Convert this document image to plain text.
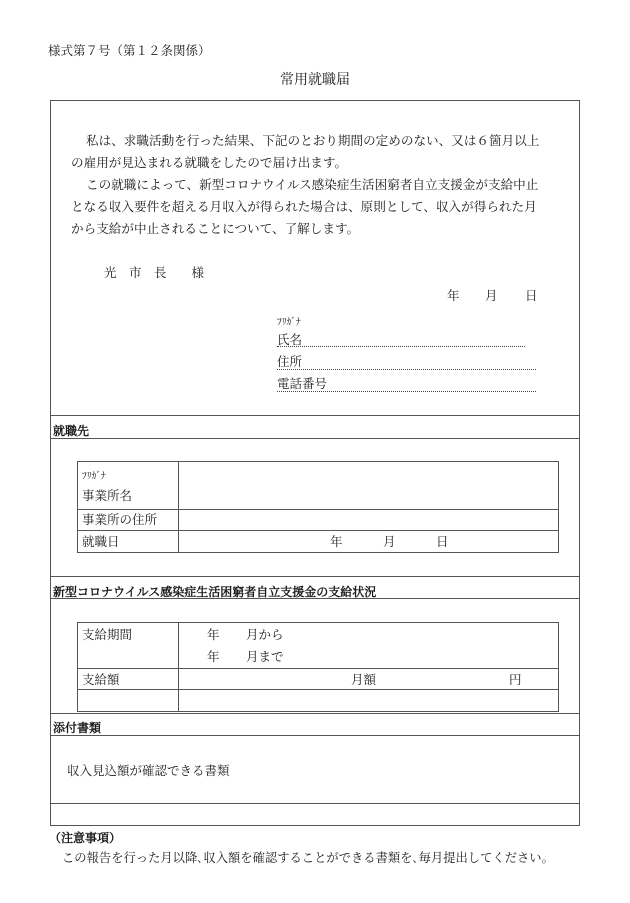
様式第７号（第１２条関係）
常用就職届
私は、求職活動を行った結果、下記のとおり期間の定めのない、又は６箇月以上
の雇用が見込まれる就職をしたので届け出ます。
この就職によって、新型コロナウイルス感染症生活困窮者自立支援金が支給中止
となる収入要件を超える月収入が得られた場合は、原則として、収入が得られた月
から支給が中止されることについて、了解します。
光　市　長　　様
年 月 日
ﾌﾘｶﾞﾅ
氏名
住所
電話番号
就職先
ﾌﾘｶﾞﾅ
事業所名
事業所の住所
就職日	年	月	日
新型コロナウイルス感染症生活困窮者自立支援金の支給状況
支給期間	年 月から
年 月まで
支給額	月額	円
添付書類
収入見込額が確認できる書類
（注意事項）
この報告を行った月以降､収入額を確認することができる書類を､毎月提出してください。
